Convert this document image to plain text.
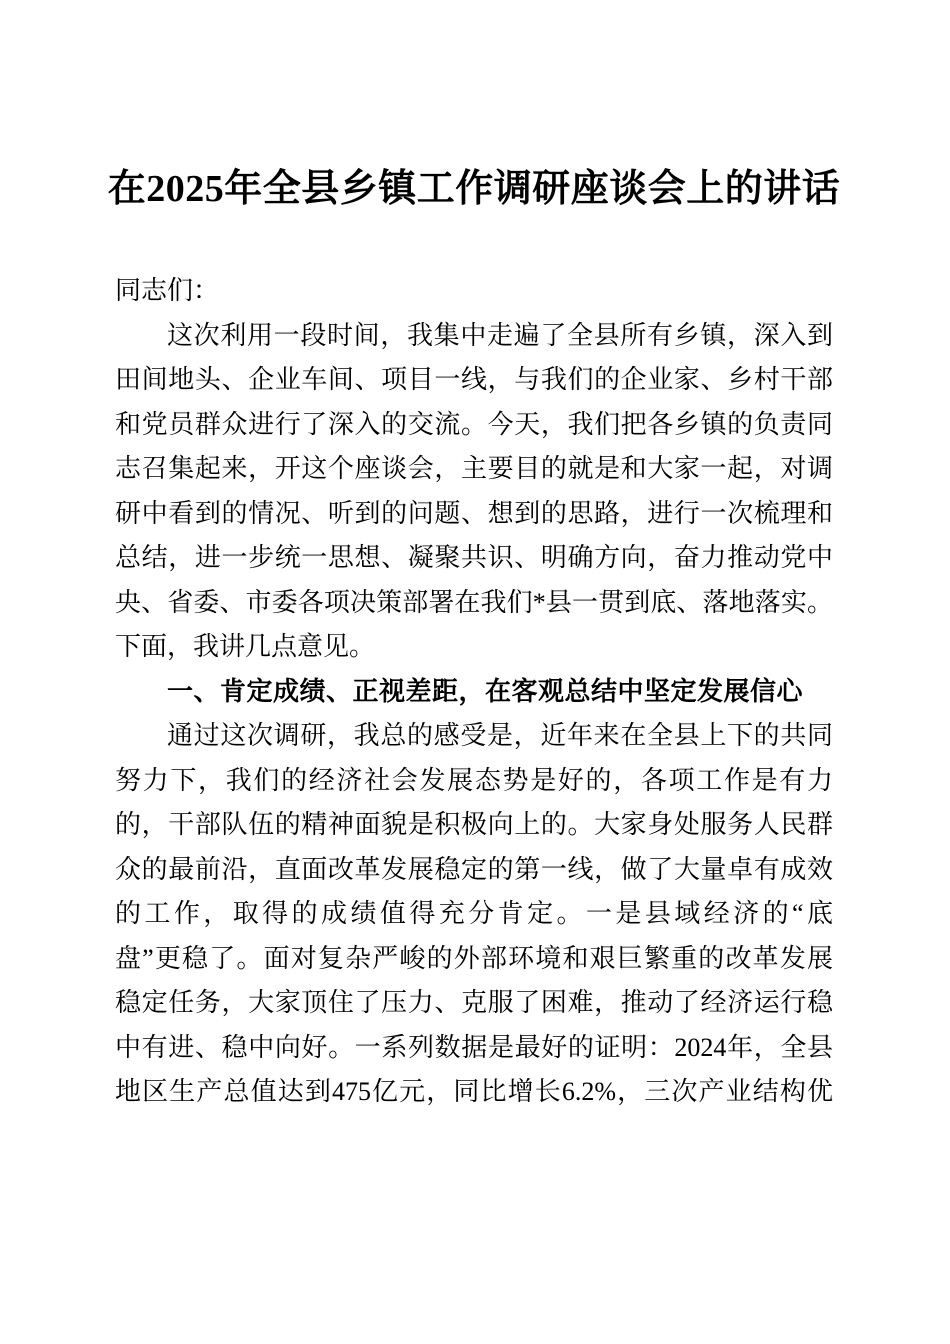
在2025年全县乡镇工作调研座谈会上的讲话
同志们：
这次利用一段时间，我集中走遍了全县所有乡镇，深入到
田间地头、企业车间、项目一线，与我们的企业家、乡村干部
和党员群众进行了深入的交流。今天，我们把各乡镇的负责同
志召集起来，开这个座谈会，主要目的就是和大家一起，对调
研中看到的情况、听到的问题、想到的思路，进行一次梳理和
总结，进一步统一思想、凝聚共识、明确方向，奋力推动党中
央、省委、市委各项决策部署在我们*县一贯到底、落地落实。
下面，我讲几点意见。
一、肯定成绩、正视差距，在客观总结中坚定发展信心
通过这次调研，我总的感受是，近年来在全县上下的共同
努力下，我们的经济社会发展态势是好的，各项工作是有力
的，干部队伍的精神面貌是积极向上的。大家身处服务人民群
众的最前沿，直面改革发展稳定的第一线，做了大量卓有成效
的工作，取得的成绩值得充分肯定。一是县域经济的“底
盘”更稳了。面对复杂严峻的外部环境和艰巨繁重的改革发展
稳定任务，大家顶住了压力、克服了困难，推动了经济运行稳
中有进、稳中向好。一系列数据是最好的证明：2024年，全县
地区生产总值达到475亿元，同比增长6.2%，三次产业结构优
